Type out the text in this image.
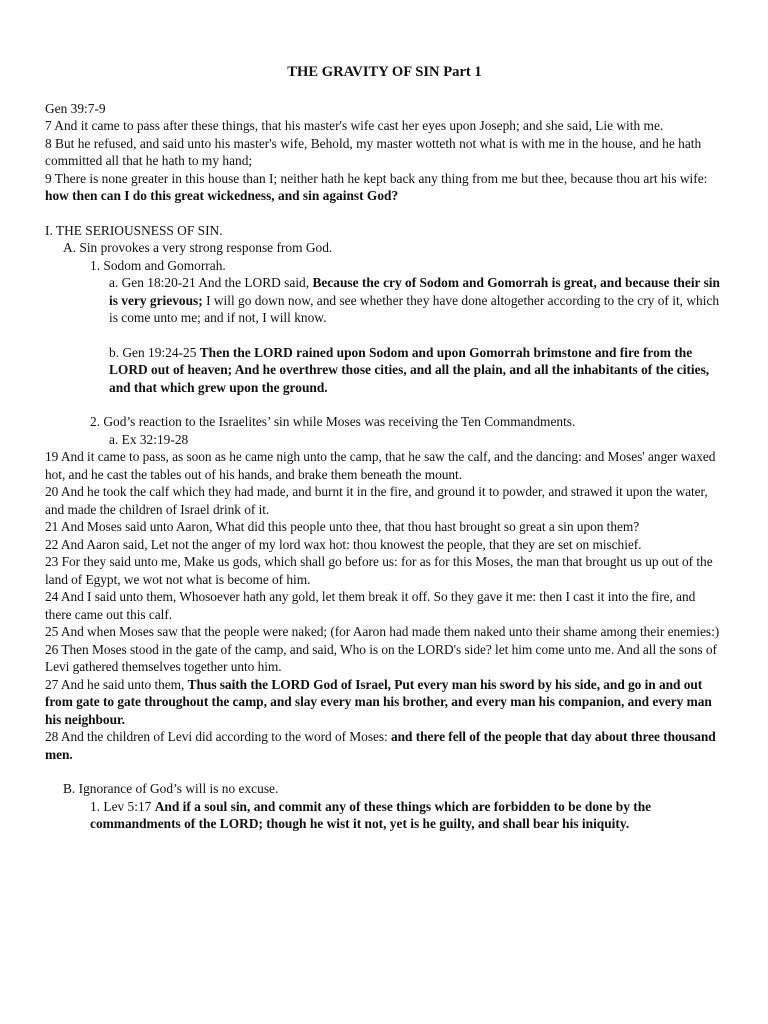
THE GRAVITY OF SIN Part 1

Gen 39:7-9

7 And it came to pass after these things, that his master's wife cast her eyes upon Joseph; and she said, Lie with me.

8 But he refused, and said unto his master's wife, Behold, my master wotteth not what is with me in the house, and he hath committed all that he hath to my hand;

9 There is none greater in this house than I; neither hath he kept back any thing from me but thee, because thou art his wife: how then can I do this great wickedness, and sin against God?

I. THE SERIOUSNESS OF SIN.

A. Sin provokes a very strong response from God.

1. Sodom and Gomorrah.

a. Gen 18:20-21 And the LORD said, Because the cry of Sodom and Gomorrah is great, and because their sin is very grievous; I will go down now, and see whether they have done altogether according to the cry of it, which is come unto me; and if not, I will know.

b. Gen 19:24-25 Then the LORD rained upon Sodom and upon Gomorrah brimstone and fire from the LORD out of heaven; And he overthrew those cities, and all the plain, and all the inhabitants of the cities, and that which grew upon the ground.

2. God’s reaction to the Israelites’ sin while Moses was receiving the Ten Commandments.

a. Ex 32:19-28

19 And it came to pass, as soon as he came nigh unto the camp, that he saw the calf, and the dancing: and Moses' anger waxed hot, and he cast the tables out of his hands, and brake them beneath the mount.

20 And he took the calf which they had made, and burnt it in the fire, and ground it to powder, and strawed it upon the water, and made the children of Israel drink of it.

21 And Moses said unto Aaron, What did this people unto thee, that thou hast brought so great a sin upon them?

22 And Aaron said, Let not the anger of my lord wax hot: thou knowest the people, that they are set on mischief.

23 For they said unto me, Make us gods, which shall go before us: for as for this Moses, the man that brought us up out of the land of Egypt, we wot not what is become of him.

24 And I said unto them, Whosoever hath any gold, let them break it off. So they gave it me: then I cast it into the fire, and there came out this calf.

25 And when Moses saw that the people were naked; (for Aaron had made them naked unto their shame among their enemies:)

26 Then Moses stood in the gate of the camp, and said, Who is on the LORD's side? let him come unto me. And all the sons of Levi gathered themselves together unto him.

27 And he said unto them, Thus saith the LORD God of Israel, Put every man his sword by his side, and go in and out from gate to gate throughout the camp, and slay every man his brother, and every man his companion, and every man his neighbour.

28 And the children of Levi did according to the word of Moses: and there fell of the people that day about three thousand men.

B. Ignorance of God’s will is no excuse.

1. Lev 5:17 And if a soul sin, and commit any of these things which are forbidden to be done by the commandments of the LORD; though he wist it not, yet is he guilty, and shall bear his iniquity.
